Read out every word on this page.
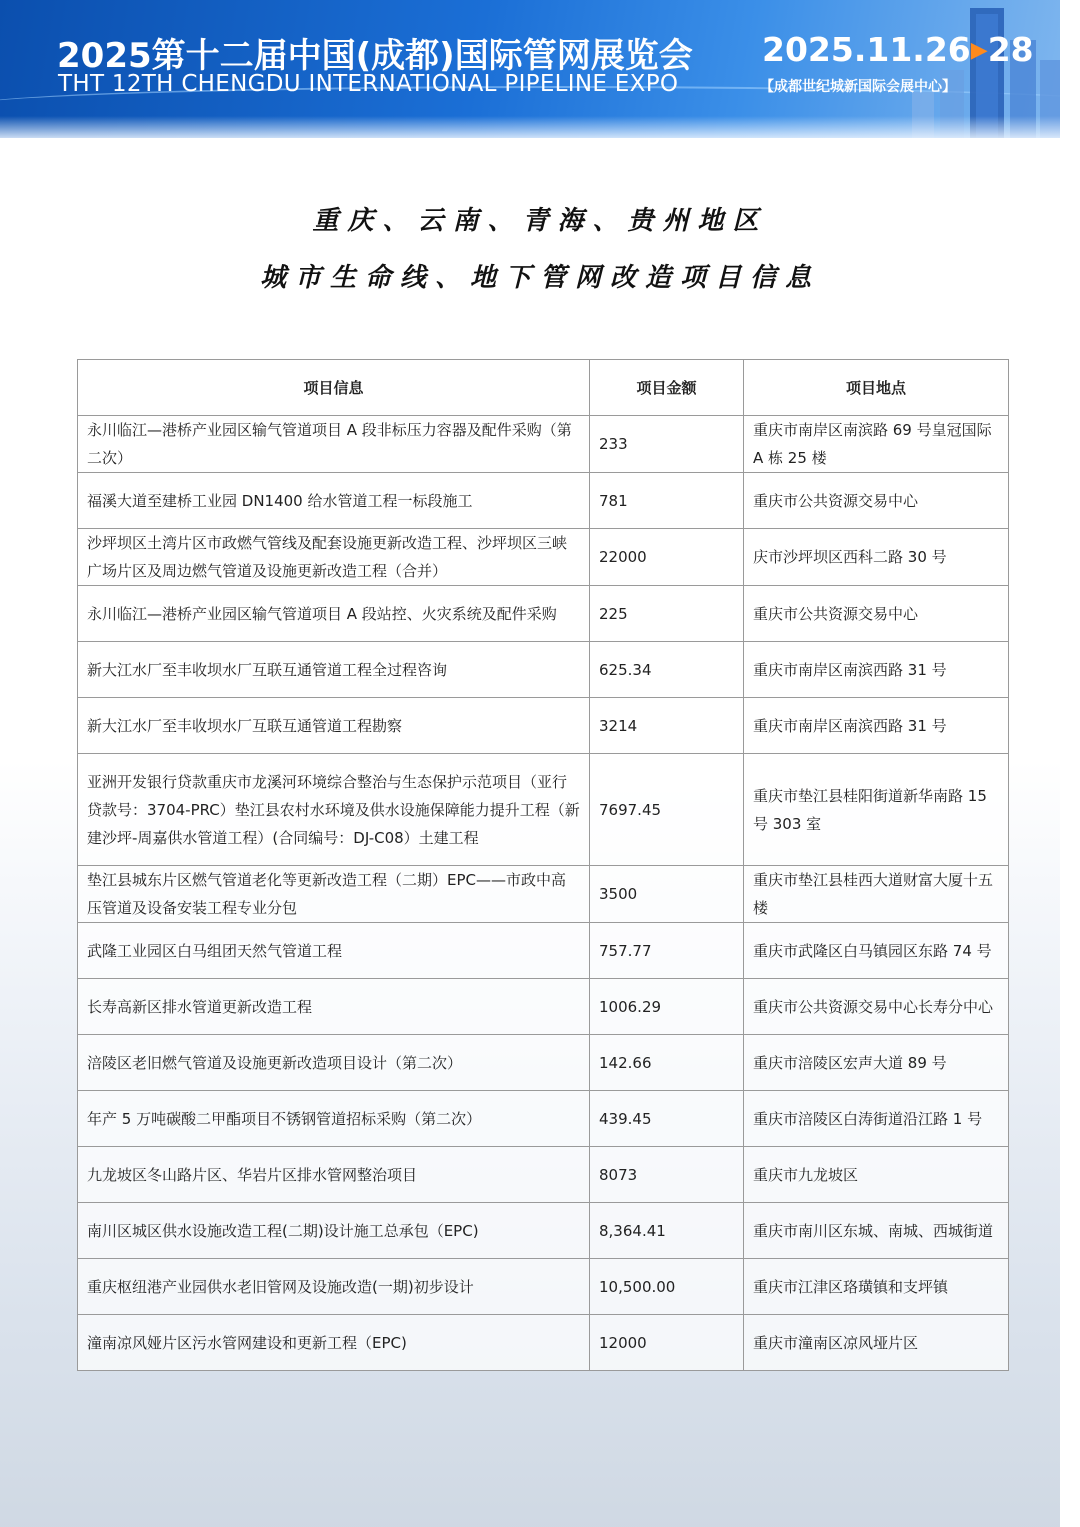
2025第十二届中国(成都)国际管网展览会
THT 12TH CHENGDU INTERNATIONAL PIPELINE EXPO
2025.11.26▶28
【成都世纪城新国际会展中心】
重庆、云南、青海、贵州地区
城市生命线、地下管网改造项目信息
项目信息	项目金额	项目地点
永川临江—港桥产业园区输气管道项目 A 段非标压力容器及配件采购（第二次）	233	重庆市南岸区南滨路 69 号皇冠国际 A 栋 25 楼
福溪大道至建桥工业园 DN1400 给水管道工程一标段施工	781	重庆市公共资源交易中心
沙坪坝区土湾片区市政燃气管线及配套设施更新改造工程、沙坪坝区三峡广场片区及周边燃气管道及设施更新改造工程（合并）	22000	庆市沙坪坝区西科二路 30 号
永川临江—港桥产业园区输气管道项目 A 段站控、火灾系统及配件采购	225	重庆市公共资源交易中心
新大江水厂至丰收坝水厂互联互通管道工程全过程咨询	625.34	重庆市南岸区南滨西路 31 号
新大江水厂至丰收坝水厂互联互通管道工程勘察	3214	重庆市南岸区南滨西路 31 号
亚洲开发银行贷款重庆市龙溪河环境综合整治与生态保护示范项目（亚行贷款号：3704-PRC）垫江县农村水环境及供水设施保障能力提升工程（新建沙坪-周嘉供水管道工程）(合同编号：DJ-C08）土建工程	7697.45	重庆市垫江县桂阳街道新华南路 15 号 303 室
垫江县城东片区燃气管道老化等更新改造工程（二期）EPC——市政中高压管道及设备安装工程专业分包	3500	重庆市垫江县桂西大道财富大厦十五楼
武隆工业园区白马组团天然气管道工程	757.77	重庆市武隆区白马镇园区东路 74 号
长寿高新区排水管道更新改造工程	1006.29	重庆市公共资源交易中心长寿分中心
涪陵区老旧燃气管道及设施更新改造项目设计（第二次）	142.66	重庆市涪陵区宏声大道 89 号
年产 5 万吨碳酸二甲酯项目不锈钢管道招标采购（第二次）	439.45	重庆市涪陵区白涛街道沿江路 1 号
九龙坡区冬山路片区、华岩片区排水管网整治项目	8073	重庆市九龙坡区
南川区城区供水设施改造工程(二期)设计施工总承包（EPC)	8,364.41	重庆市南川区东城、南城、西城街道
重庆枢纽港产业园供水老旧管网及设施改造(一期)初步设计	10,500.00	重庆市江津区珞璜镇和支坪镇
潼南凉风娅片区污水管网建设和更新工程（EPC)	12000	重庆市潼南区凉风垭片区
